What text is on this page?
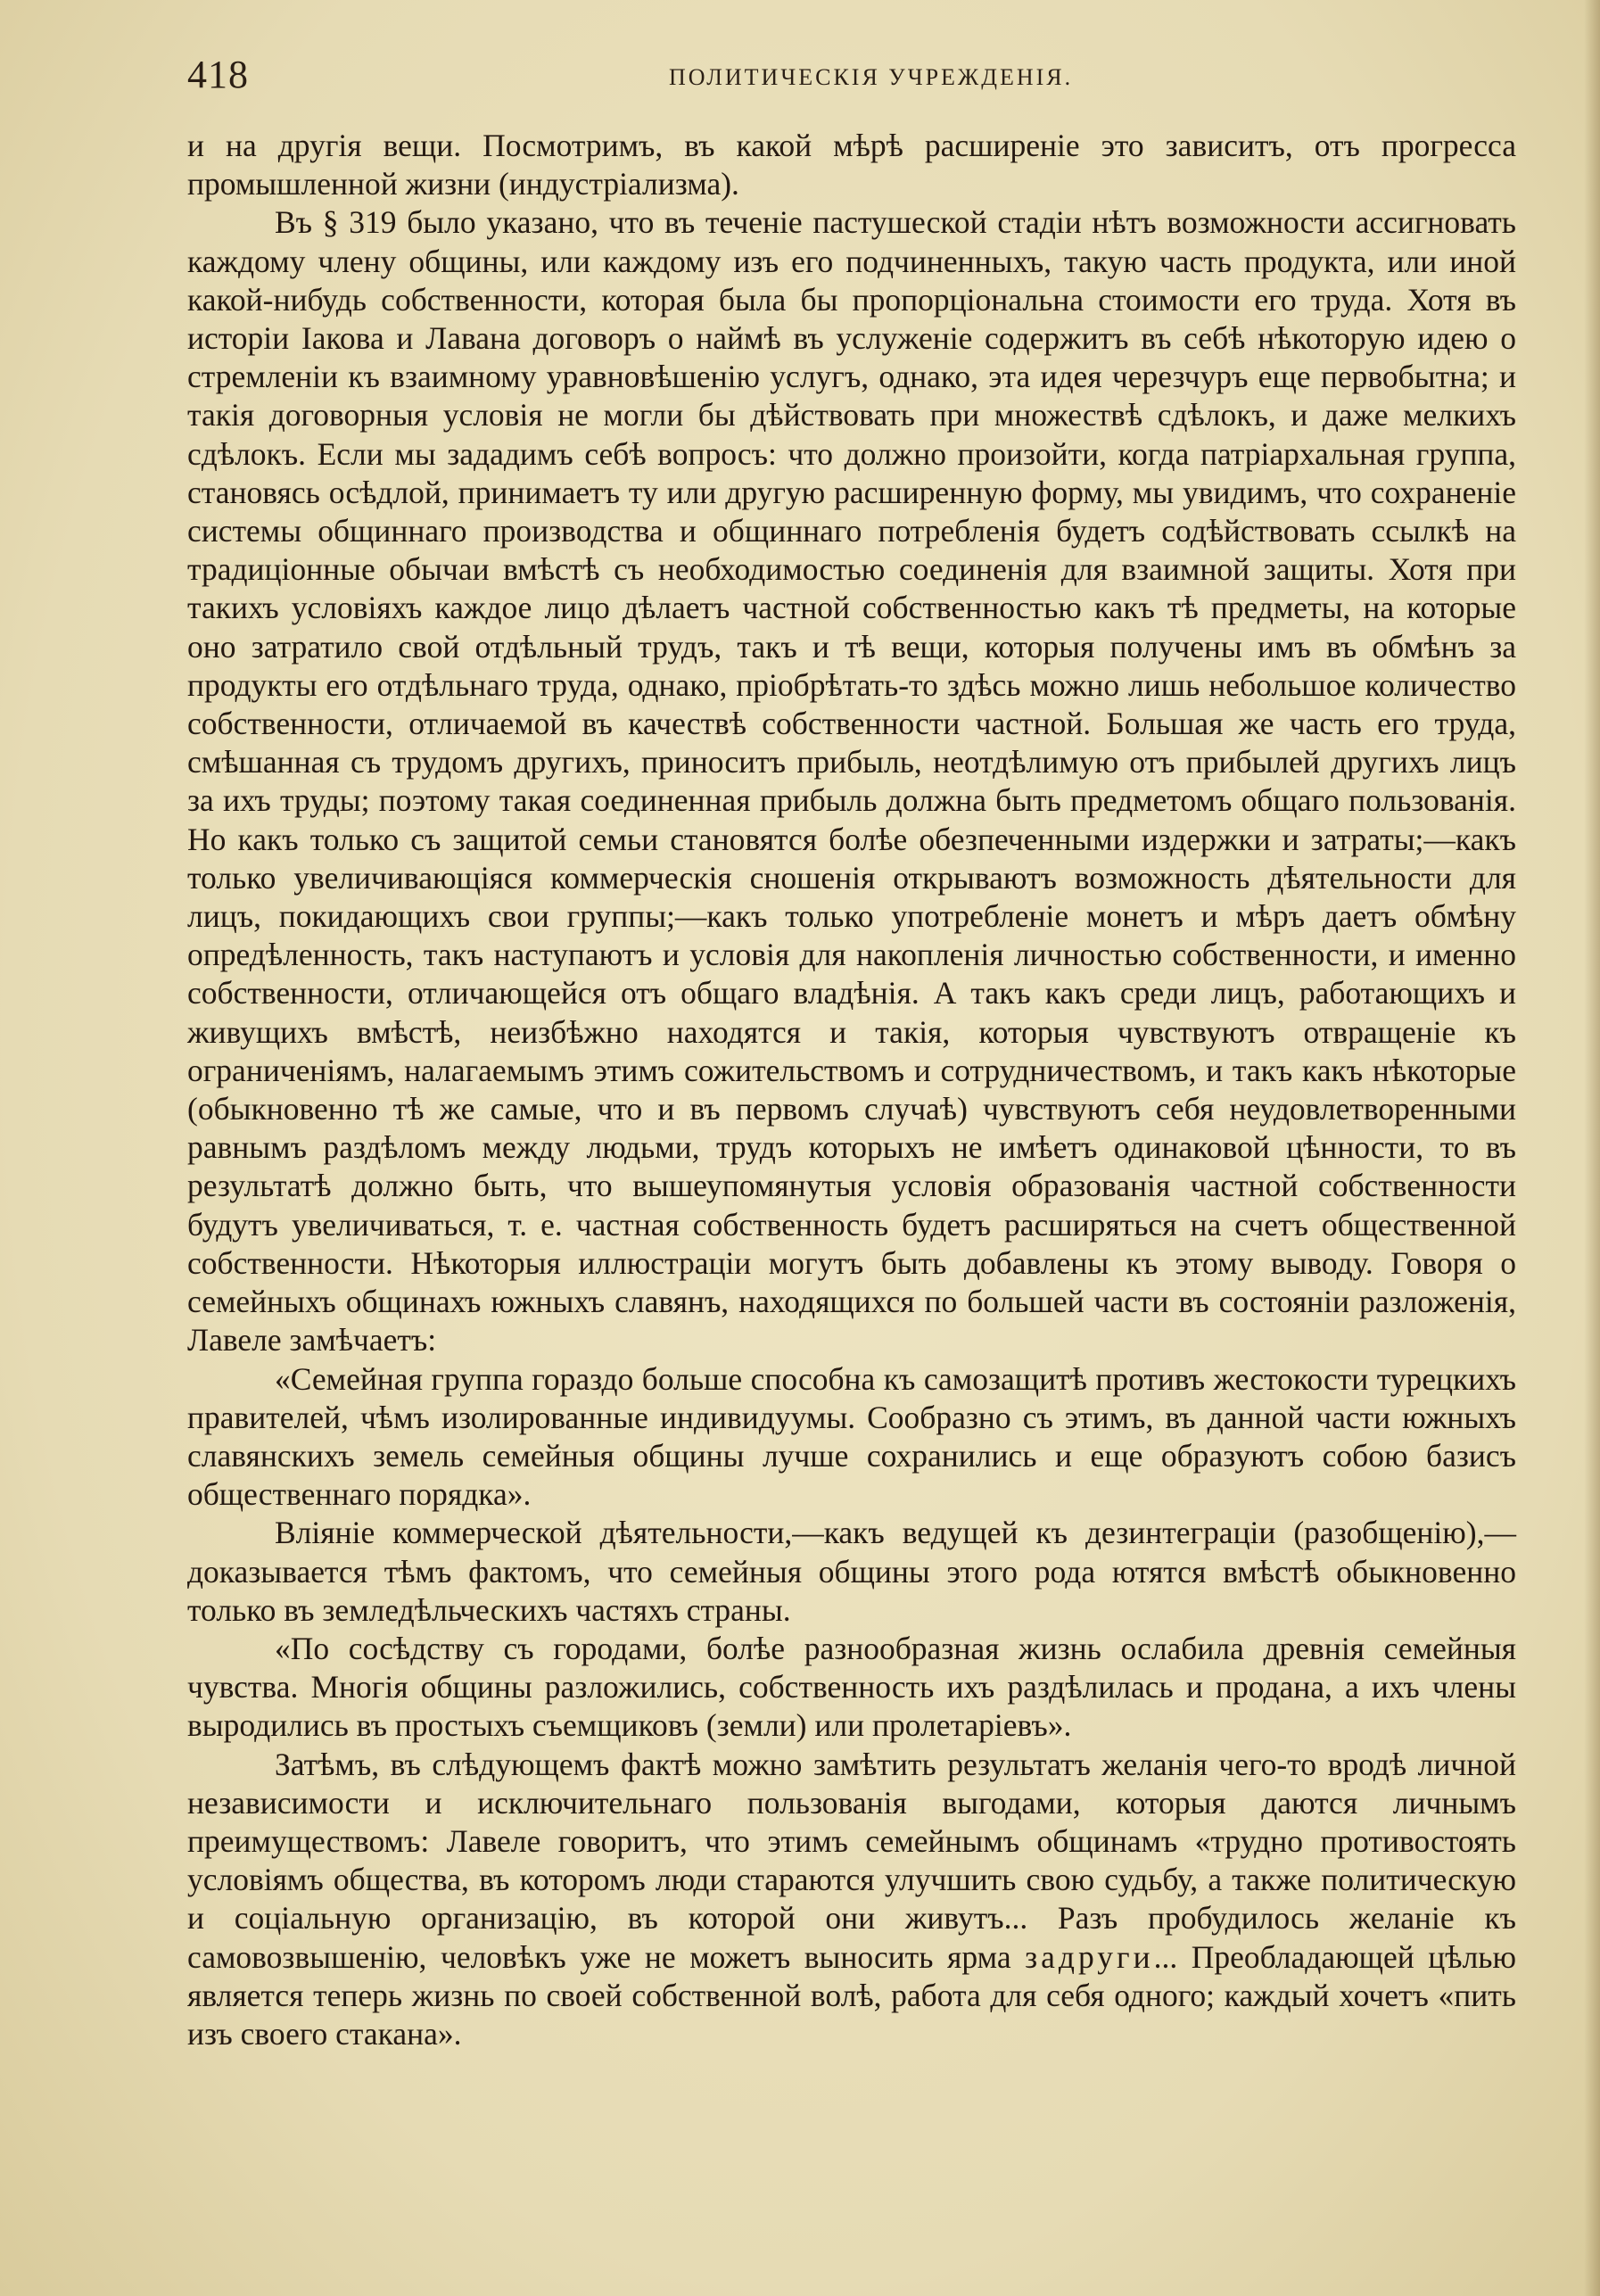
418	ПОЛИТИЧЕСКІЯ УЧРЕЖДЕНІЯ.

и на другія вещи. Посмотримъ, въ какой мѣрѣ расширеніе это зависитъ, отъ прогресса промышленной жизни (индустріализма).

Въ § 319 было указано, что въ теченіе пастушеской стадіи нѣтъ возможности ассигновать каждому члену общины, или каждому изъ его подчиненныхъ, такую часть продукта, или иной какой-нибудь собственности, которая была бы пропорціональна стоимости его труда. Хотя въ исторіи Іакова и Лавана договоръ о наймѣ въ услуженіе содержитъ въ себѣ нѣкоторую идею о стремленіи къ взаимному уравновѣшенію услугъ, однако, эта идея черезчуръ еще первобытна; и такія договорныя условія не могли бы дѣйствовать при множествѣ сдѣлокъ, и даже мелкихъ сдѣлокъ. Если мы зададимъ себѣ вопросъ: что должно произойти, когда патріархальная группа, становясь осѣдлой, принимаетъ ту или другую расширенную форму, мы увидимъ, что сохраненіе системы общиннаго производства и общиннаго потребленія будетъ содѣйствовать ссылкѣ на традиціонные обычаи вмѣстѣ съ необходимостью соединенія для взаимной защиты. Хотя при такихъ условіяхъ каждое лицо дѣлаетъ частной собственностью какъ тѣ предметы, на которые оно затратило свой отдѣльный трудъ, такъ и тѣ вещи, которыя получены имъ въ обмѣнъ за продукты его отдѣльнаго труда, однако, пріобрѣтать-то здѣсь можно лишь небольшое количество собственности, отличаемой въ качествѣ собственности частной. Большая же часть его труда, смѣшанная съ трудомъ другихъ, приноситъ прибыль, неотдѣлимую отъ прибылей другихъ лицъ за ихъ труды; поэтому такая соединенная прибыль должна быть предметомъ общаго пользованія. Но какъ только съ защитой семьи становятся болѣе обезпеченными издержки и затраты;—какъ только увеличивающіяся коммерческія сношенія открываютъ возможность дѣятельности для лицъ, покидающихъ свои группы;—какъ только употребленіе монетъ и мѣръ даетъ обмѣну опредѣленность, такъ наступаютъ и условія для накопленія личностью собственности, и именно собственности, отличающейся отъ общаго владѣнія. А такъ какъ среди лицъ, работающихъ и живущихъ вмѣстѣ, неизбѣжно находятся и такія, которыя чувствуютъ отвращеніе къ ограниченіямъ, налагаемымъ этимъ сожительствомъ и сотрудничествомъ, и такъ какъ нѣкоторые (обыкновенно тѣ же самые, что и въ первомъ случаѣ) чувствуютъ себя неудовлетворенными равнымъ раздѣломъ между людьми, трудъ которыхъ не имѣетъ одинаковой цѣнности, то въ результатѣ должно быть, что вышеупомянутыя условія образованія частной собственности будутъ увеличиваться, т. е. частная собственность будетъ расширяться на счетъ общественной собственности. Нѣкоторыя иллюстраціи могутъ быть добавлены къ этому выводу. Говоря о семейныхъ общинахъ южныхъ славянъ, находящихся по большей части въ состояніи разложенія, Лавеле замѣчаетъ:

«Семейная группа гораздо больше способна къ самозащитѣ противъ жестокости турецкихъ правителей, чѣмъ изолированные индивидуумы. Сообразно съ этимъ, въ данной части южныхъ славянскихъ земель семейныя общины лучше сохранились и еще образуютъ собою базисъ общественнаго порядка».

Вліяніе коммерческой дѣятельности,—какъ ведущей къ дезинтеграціи (разобщенію),—доказывается тѣмъ фактомъ, что семейныя общины этого рода ютятся вмѣстѣ обыкновенно только въ земледѣльческихъ частяхъ страны.

«По сосѣдству съ городами, болѣе разнообразная жизнь ослабила древнія семейныя чувства. Многія общины разложились, собственность ихъ раздѣлилась и продана, а ихъ члены выродились въ простыхъ съемщиковъ (земли) или пролетаріевъ».

Затѣмъ, въ слѣдующемъ фактѣ можно замѣтить результатъ желанія чего-то вродѣ личной независимости и исключительнаго пользованія выгодами, которыя даются личнымъ преимуществомъ: Лавеле говоритъ, что этимъ семейнымъ общинамъ «трудно противостоять условіямъ общества, въ которомъ люди стараются улучшить свою судьбу, а также политическую и соціальную организацію, въ которой они живутъ... Разъ пробудилось желаніе къ самовозвышенію, человѣкъ уже не можетъ выносить ярма задруги... Преобладающей цѣлью является теперь жизнь по своей собственной волѣ, работа для себя одного; каждый хочетъ «пить изъ своего стакана».
